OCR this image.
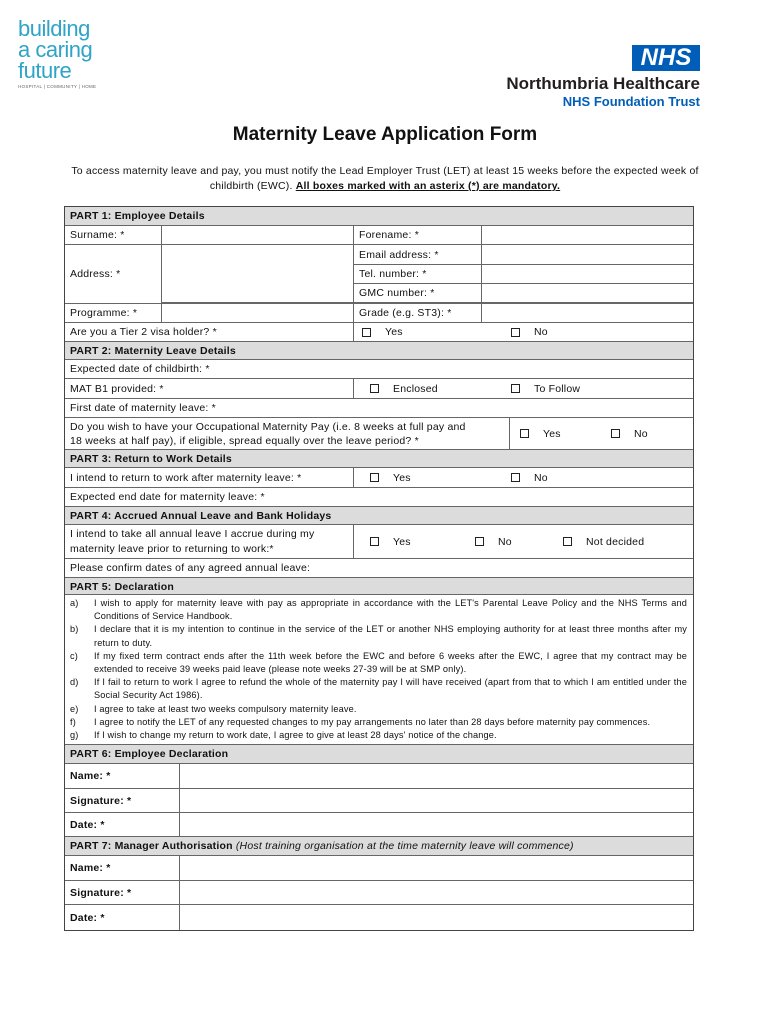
building
a caring
future
HOSPITAL | COMMUNITY | HOME
NHS
Northumbria Healthcare
NHS Foundation Trust
Maternity Leave Application Form
To access maternity leave and pay, you must notify the Lead Employer Trust (LET) at least 15 weeks before the expected week of childbirth (EWC). All boxes marked with an asterix (*) are mandatory.
PART 1: Employee Details
Surname: *	Forename: *
Address: *
Email address: *
Tel. number: *
GMC number: *
Programme: *	Grade (e.g. ST3): *
Are you a Tier 2 visa holder? *	Yes	No
PART 2: Maternity Leave Details
Expected date of childbirth: *
MAT B1 provided: *	Enclosed	To Follow
First date of maternity leave: *
Do you wish to have your Occupational Maternity Pay (i.e. 8 weeks at full pay and
18 weeks at half pay), if eligible, spread equally over the leave period? *
Yes	No
PART 3: Return to Work Details
I intend to return to work after maternity leave: *	Yes	No
Expected end date for maternity leave: *
PART 4: Accrued Annual Leave and Bank Holidays
I intend to take all annual leave I accrue during my
maternity leave prior to returning to work:*
Yes	No	Not decided
Please confirm dates of any agreed annual leave:
PART 5: Declaration
a)	I wish to apply for maternity leave with pay as appropriate in accordance with the LET's Parental Leave Policy and the NHS Terms and Conditions of Service Handbook.
b)	I declare that it is my intention to continue in the service of the LET or another NHS employing authority for at least three months after my return to duty.
c)	If my fixed term contract ends after the 11th week before the EWC and before 6 weeks after the EWC, I agree that my contract may be extended to receive 39 weeks paid leave (please note weeks 27-39 will be at SMP only).
d)	If I fail to return to work I agree to refund the whole of the maternity pay I will have received (apart from that to which I am entitled under the Social Security Act 1986).
e)	I agree to take at least two weeks compulsory maternity leave.
f)	I agree to notify the LET of any requested changes to my pay arrangements no later than 28 days before maternity pay commences.
g)	If I wish to change my return to work date, I agree to give at least 28 days' notice of the change.
PART 6: Employee Declaration
Name: *
Signature: *
Date: *
PART 7: Manager Authorisation (Host training organisation at the time maternity leave will commence)
Name: *
Signature: *
Date: *
